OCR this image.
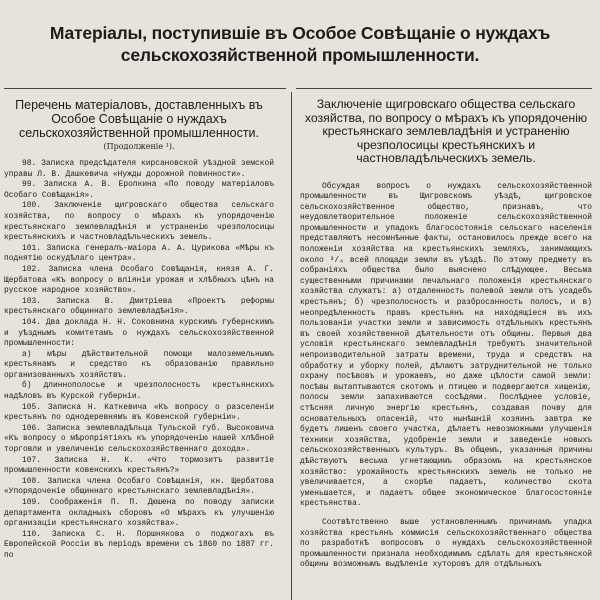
Матеріалы, поступившіе въ Особое Совѣщаніе о нуждахъ сельскохозяйственной промышленности.
Перечень матеріаловъ, доставленныхъ въ Особое Совѣщаніе о нуждахъ сельскохозяйственной промышленности.
(Продолженіе ¹).

98. Записка предсѣдателя кирсановской уѣздной земской управы Л. В. Дашкевича «Нужды дорожной повинности».

99. Записка А. В. Еропкина «По поводу матеріаловъ Особаго Совѣщанія».

100. Заключеніе щигровскаго общества сельскаго хозяйства, по вопросу о мѣрахъ къ упорядоченію крестьянскаго землевладѣнія и устраненію чрезполосицы крестьянскихъ и частновладѣльческихъ земель.

101. Записка генералъ-маіора А. А. Цурикова «Мѣры къ поднятію оскудѣлаго центра».

102. Записка члена Особаго Совѣщанія, князя А. Г. Щербатова «Къ вопросу о вліяніи урожая и хлѣбныхъ цѣнъ на русское народное хозяйство».

103. Записка В. Дмитріева «Проектъ реформы крестьянскаго общиннаго землевладѣнія».

104. Два доклада Н. Н. Соковнина курскимъ губернскимъ и уѣзднымъ комитетамъ о нуждахъ сельскохозяйственной промышленности:

а) мѣры дѣйствительной помощи малоземельнымъ крестьянамъ и средство къ образованію правильно организованныхъ хозяйствъ.

б) длиннополосье и чрезполосность крестьянскихъ надѣловъ въ Курской губерніи.

105. Записка Н. Каткевича «Къ вопросу о разселеніи крестьянъ по однодеревнямъ въ Ковенской губерніи».

106. Записка землевладѣльца Тульской губ. Высоковича «Къ вопросу о мѣропріятіяхъ къ упорядоченію нашей хлѣбной торговли и увеличенію сельскохозяйственнаго дохода».

107. Записка Н. К. «Что тормозитъ развитіе промышленности ковенскихъ крестьянъ?»

108. Записка члена Особаго Совѣщанія, кн. Щербатова «Упорядоченіе общиннаго крестьянскаго землевладѣнія».

109. Соображенія П. П. Дюшена по поводу записки департамента окладныхъ сборовъ «О мѣрахъ къ улучшенію организаціи крестьянскаго хозяйства».

110. Записка С. Н. Поршнякова о поджогахъ въ Европейской Россіи въ періодъ времени съ 1860 по 1887 гг. по

Заключеніе щигровскаго общества сельскаго хозяйства, по вопросу о мѣрахъ къ упорядоченію крестьянскаго землевладѣнія и устраненію чрезполосицы крестьянскихъ и частновладѣльческихъ земель.

Обсуждая вопросъ о нуждахъ сельскохозяйственной промышленности въ Щигровскомъ уѣздѣ, щигровское сельскохозяйственное общество, признавъ, что неудовлетворительное положеніе сельскохозяйственной промышленности и упадокъ благосостоянія сельскаго населенія представляютъ несомнѣнные факты, остановилось прежде всего на положеніи хозяйства на крестьянскихъ земляхъ, занимающихъ около ³/₄ всей площади земли въ уѣздѣ. По этому предмету въ собраніяхъ общества было выяснено слѣдующее. Весьма существенными причинами печальнаго положенія крестьянскаго хозяйства служатъ: а) отдаленность полевой земли отъ усадебъ крестьянъ; б) чрезполосность и разбросанность полосъ, и в) неопредѣленность правъ крестьянъ на находящіеся въ ихъ пользованіи участки земли и зависимость отдѣльныхъ крестьянъ въ своей хозяйственной дѣятельности отъ общины. Первыя два условія крестьянскаго землевладѣнія требуютъ значительной непроизводительной затраты времени, труда и средствъ на обработку и уборку полей, дѣлаютъ затруднительной не только охрану посѣвовъ и урожаевъ, но даже цѣлости самой земли: посѣвы вытаптываются скотомъ и птицею и подвергаются хищенію, полосы земли запахиваются сосѣдями. Послѣднее условіе, стѣсняя личную энергію крестьянъ, создавая почву для основательныхъ опасеній, что нынѣшній хозяинъ завтра же будетъ лишенъ своего участка, дѣлаетъ невозможными улучшенія техники хозяйства, удобреніе земли и заведеніе новыхъ сельскохозяйственныхъ культуръ. Въ общемъ, указанныя причины дѣйствуютъ весьма угнетающимъ образомъ на крестьянское хозяйство: урожайность крестьянскихъ земель не только не увеличивается, а скорѣе падаетъ, количество скота уменьшается, и падаетъ общее экономическое благосостояніе крестьянства.

Соотвѣтственно выше установленнымъ причинамъ упадка хозяйства крестьянъ коммисія сельскохозяйственнаго общества по разработкѣ вопросовъ о нуждахъ сельскохозяйственной промышленности признала необходимымъ сдѣлать для крестьянской общины возможнымъ выдѣленіе хуторовъ для отдѣльныхъ
